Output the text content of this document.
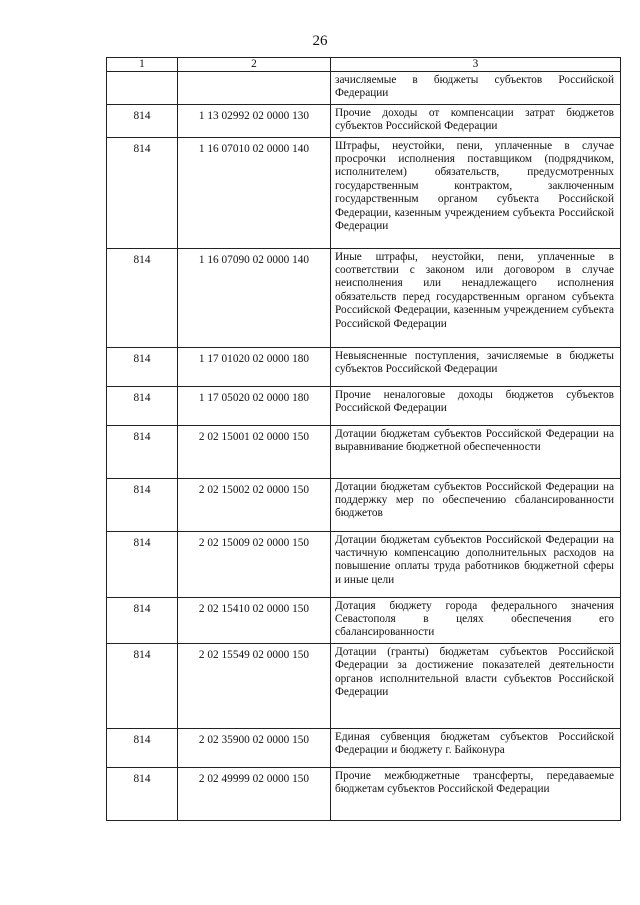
26
1	2	3

		зачисляемые в бюджеты субъектов Российской Федерации

814	1 13 02992 02 0000 130	Прочие доходы от компенсации затрат бюджетов субъектов Российской Федерации

814	1 16 07010 02 0000 140	Штрафы, неустойки, пени, уплаченные в случае просрочки исполнения поставщиком (подрядчиком, исполнителем) обязательств, предусмотренных государственным контрактом, заключенным государственным органом субъекта Российской Федерации, казенным учреждением субъекта Российской Федерации

814	1 16 07090 02 0000 140	Иные штрафы, неустойки, пени, уплаченные в соответствии с законом или договором в случае неисполнения или ненадлежащего исполнения обязательств перед государственным органом субъекта Российской Федерации, казенным учреждением субъекта Российской Федерации

814	1 17 01020 02 0000 180	Невыясненные поступления, зачисляемые в бюджеты субъектов Российской Федерации

814	1 17 05020 02 0000 180	Прочие неналоговые доходы бюджетов субъектов Российской Федерации

814	2 02 15001 02 0000 150	Дотации бюджетам субъектов Российской Федерации на выравнивание бюджетной обеспеченности

814	2 02 15002 02 0000 150	Дотации бюджетам субъектов Российской Федерации на поддержку мер по обеспечению сбалансированности бюджетов

814	2 02 15009 02 0000 150	Дотации бюджетам субъектов Российской Федерации на частичную компенсацию дополнительных расходов на повышение оплаты труда работников бюджетной сферы и иные цели

814	2 02 15410 02 0000 150	Дотация бюджету города федерального значения Севастополя в целях обеспечения его сбалансированности

814	2 02 15549 02 0000 150	Дотации (гранты) бюджетам субъектов Российской Федерации за достижение показателей деятельности органов исполнительной власти субъектов Российской Федерации

814	2 02 35900 02 0000 150	Единая субвенция бюджетам субъектов Российской Федерации и бюджету г. Байконура

814	2 02 49999 02 0000 150	Прочие межбюджетные трансферты, передаваемые бюджетам субъектов Российской Федерации
